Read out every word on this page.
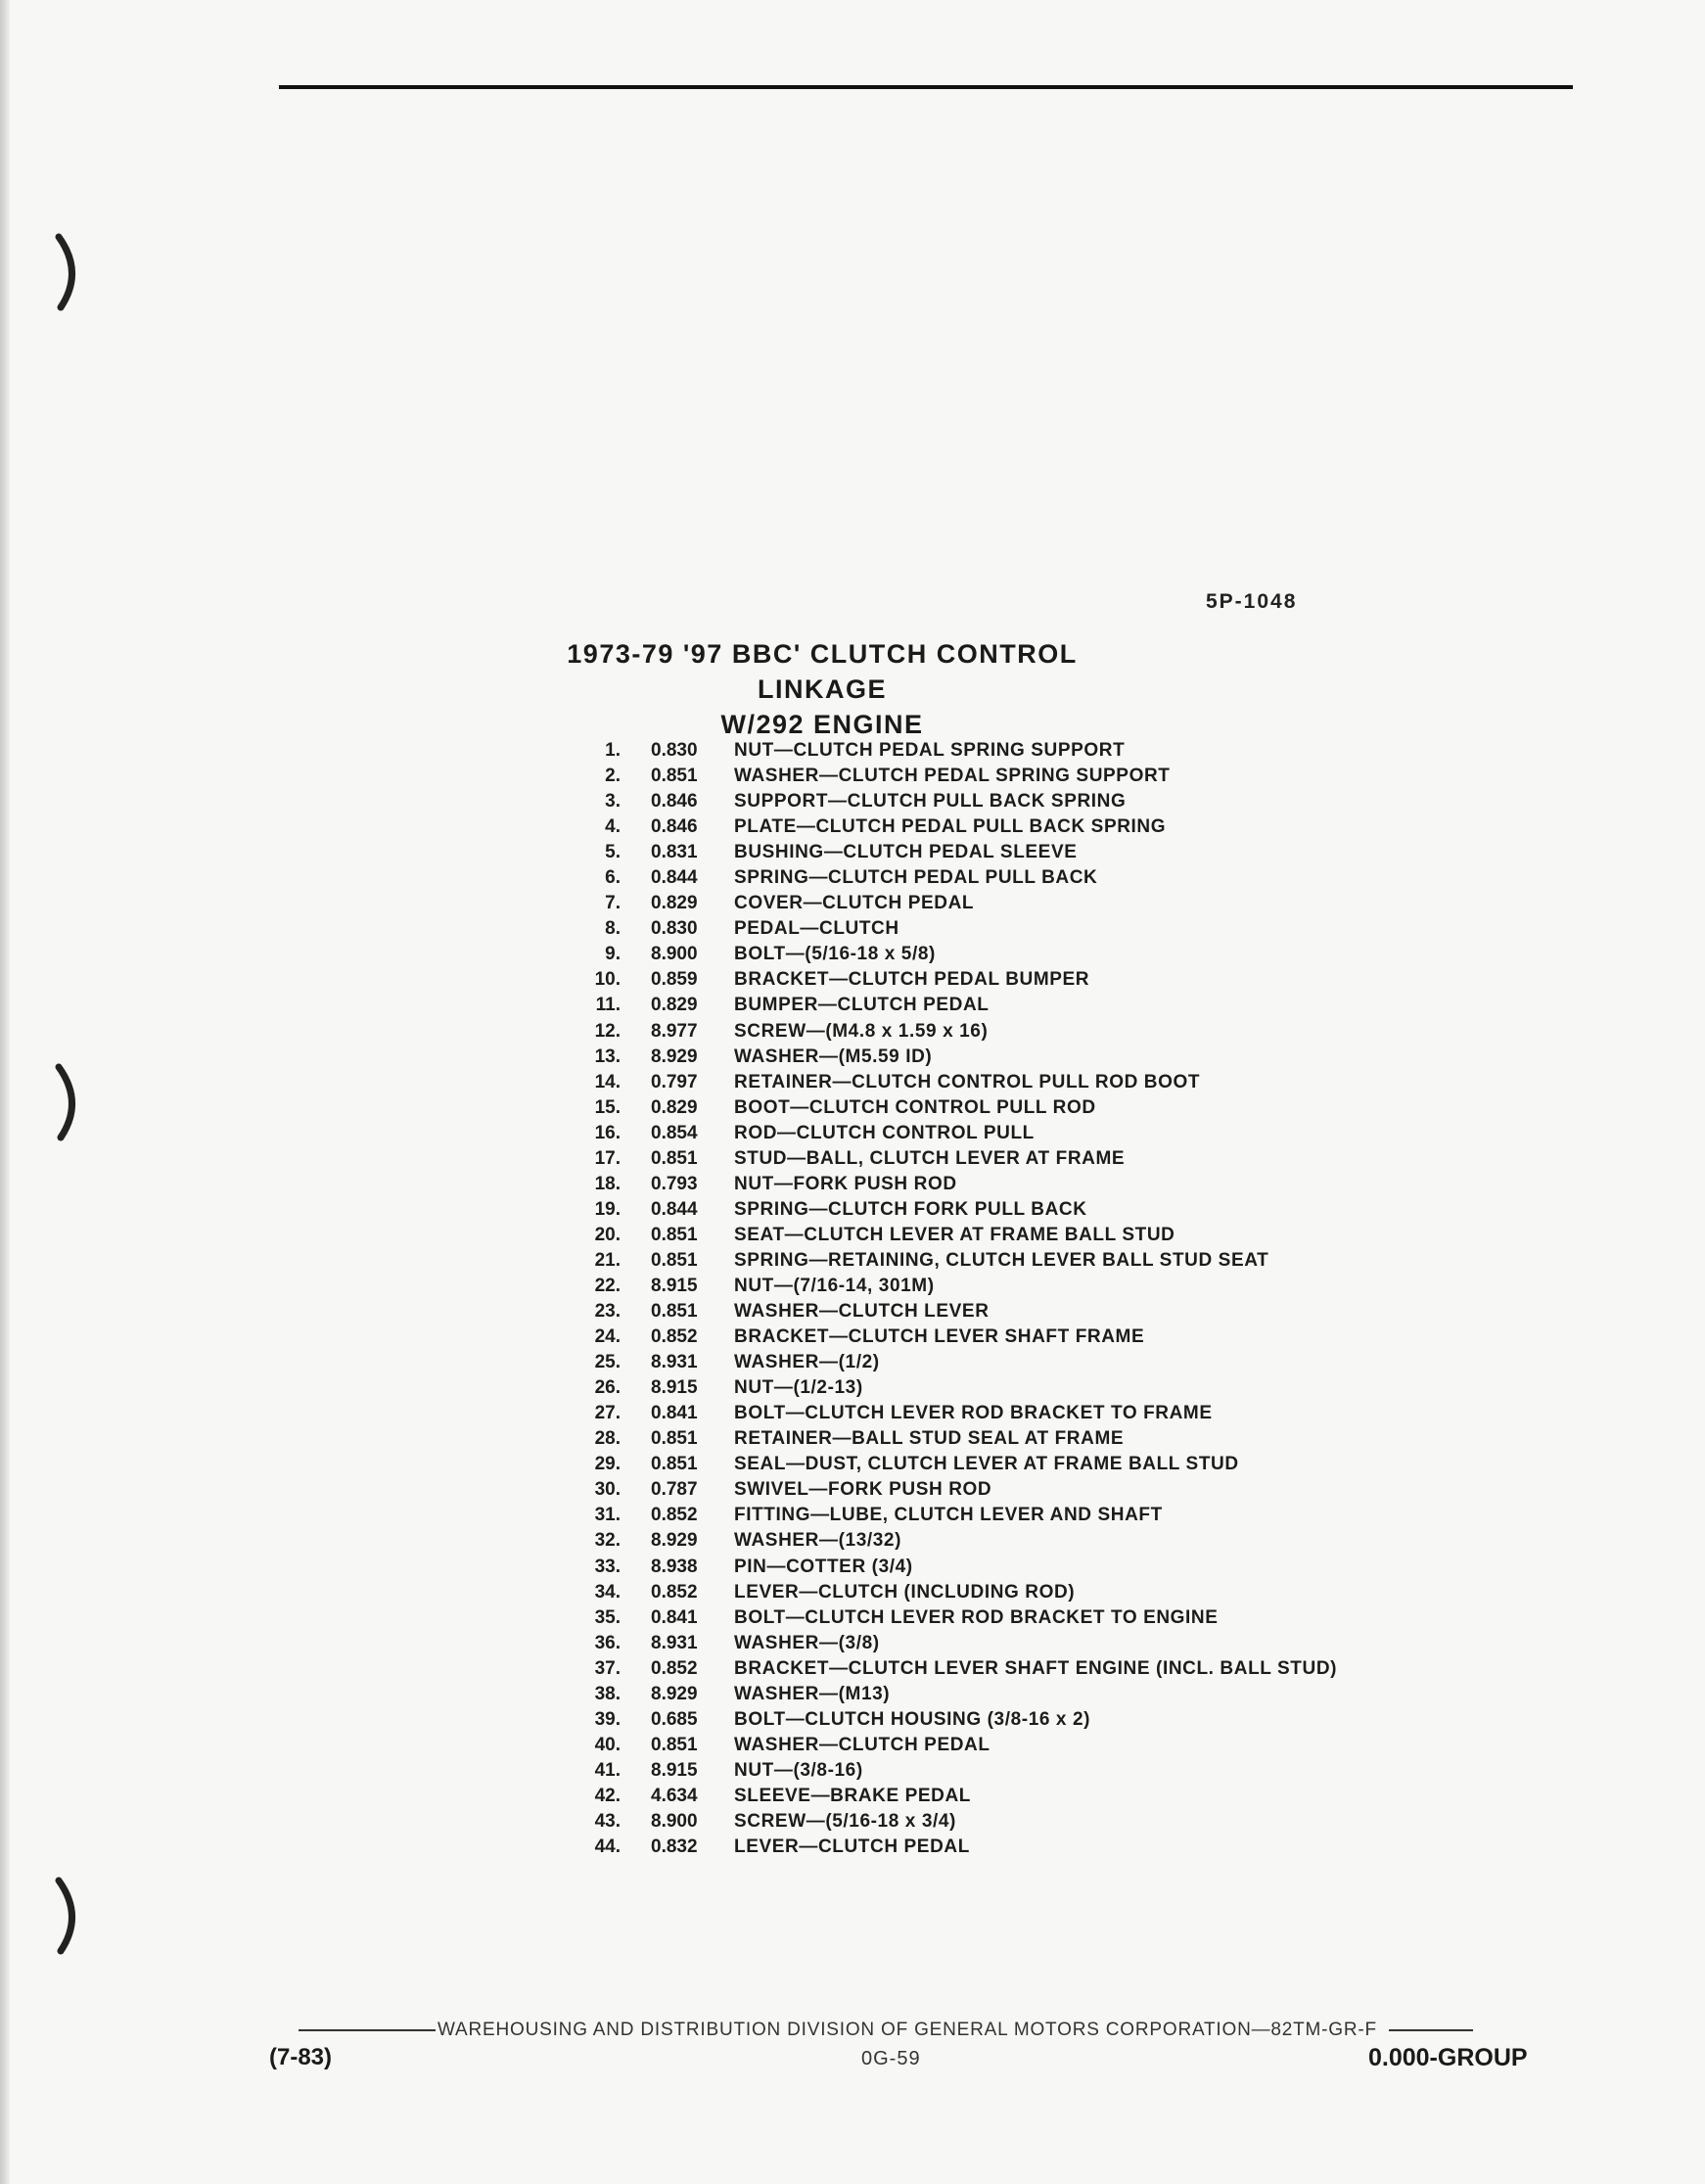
5P-1048
1973-79 '97 BBC' CLUTCH CONTROL LINKAGE
W/292 ENGINE
1. 0.830	NUT—CLUTCH PEDAL SPRING SUPPORT
2. 0.851	WASHER—CLUTCH PEDAL SPRING SUPPORT
3. 0.846	SUPPORT—CLUTCH PULL BACK SPRING
4. 0.846	PLATE—CLUTCH PEDAL PULL BACK SPRING
5. 0.831	BUSHING—CLUTCH PEDAL SLEEVE
6. 0.844	SPRING—CLUTCH PEDAL PULL BACK
7. 0.829	COVER—CLUTCH PEDAL
8. 0.830	PEDAL—CLUTCH
9. 8.900	BOLT—(5/16-18 x 5/8)
10. 0.859	BRACKET—CLUTCH PEDAL BUMPER
11. 0.829	BUMPER—CLUTCH PEDAL
12. 8.977	SCREW—(M4.8 x 1.59 x 16)
13. 8.929	WASHER—(M5.59 ID)
14. 0.797	RETAINER—CLUTCH CONTROL PULL ROD BOOT
15. 0.829	BOOT—CLUTCH CONTROL PULL ROD
16. 0.854	ROD—CLUTCH CONTROL PULL
17. 0.851	STUD—BALL, CLUTCH LEVER AT FRAME
18. 0.793	NUT—FORK PUSH ROD
19. 0.844	SPRING—CLUTCH FORK PULL BACK
20. 0.851	SEAT—CLUTCH LEVER AT FRAME BALL STUD
21. 0.851	SPRING—RETAINING, CLUTCH LEVER BALL STUD SEAT
22. 8.915	NUT—(7/16-14, 301M)
23. 0.851	WASHER—CLUTCH LEVER
24. 0.852	BRACKET—CLUTCH LEVER SHAFT FRAME
25. 8.931	WASHER—(1/2)
26. 8.915	NUT—(1/2-13)
27. 0.841	BOLT—CLUTCH LEVER ROD BRACKET TO FRAME
28. 0.851	RETAINER—BALL STUD SEAL AT FRAME
29. 0.851	SEAL—DUST, CLUTCH LEVER AT FRAME BALL STUD
30. 0.787	SWIVEL—FORK PUSH ROD
31. 0.852	FITTING—LUBE, CLUTCH LEVER AND SHAFT
32. 8.929	WASHER—(13/32)
33. 8.938	PIN—COTTER (3/4)
34. 0.852	LEVER—CLUTCH (INCLUDING ROD)
35. 0.841	BOLT—CLUTCH LEVER ROD BRACKET TO ENGINE
36. 8.931	WASHER—(3/8)
37. 0.852	BRACKET—CLUTCH LEVER SHAFT ENGINE (INCL. BALL STUD)
38. 8.929	WASHER—(M13)
39. 0.685	BOLT—CLUTCH HOUSING (3/8-16 x 2)
40. 0.851	WASHER—CLUTCH PEDAL
41. 8.915	NUT—(3/8-16)
42. 4.634	SLEEVE—BRAKE PEDAL
43. 8.900	SCREW—(5/16-18 x 3/4)
44. 0.832	LEVER—CLUTCH PEDAL
WAREHOUSING AND DISTRIBUTION DIVISION OF GENERAL MOTORS CORPORATION—82TM-GR-F
(7-83)	0G-59	0.000-GROUP
